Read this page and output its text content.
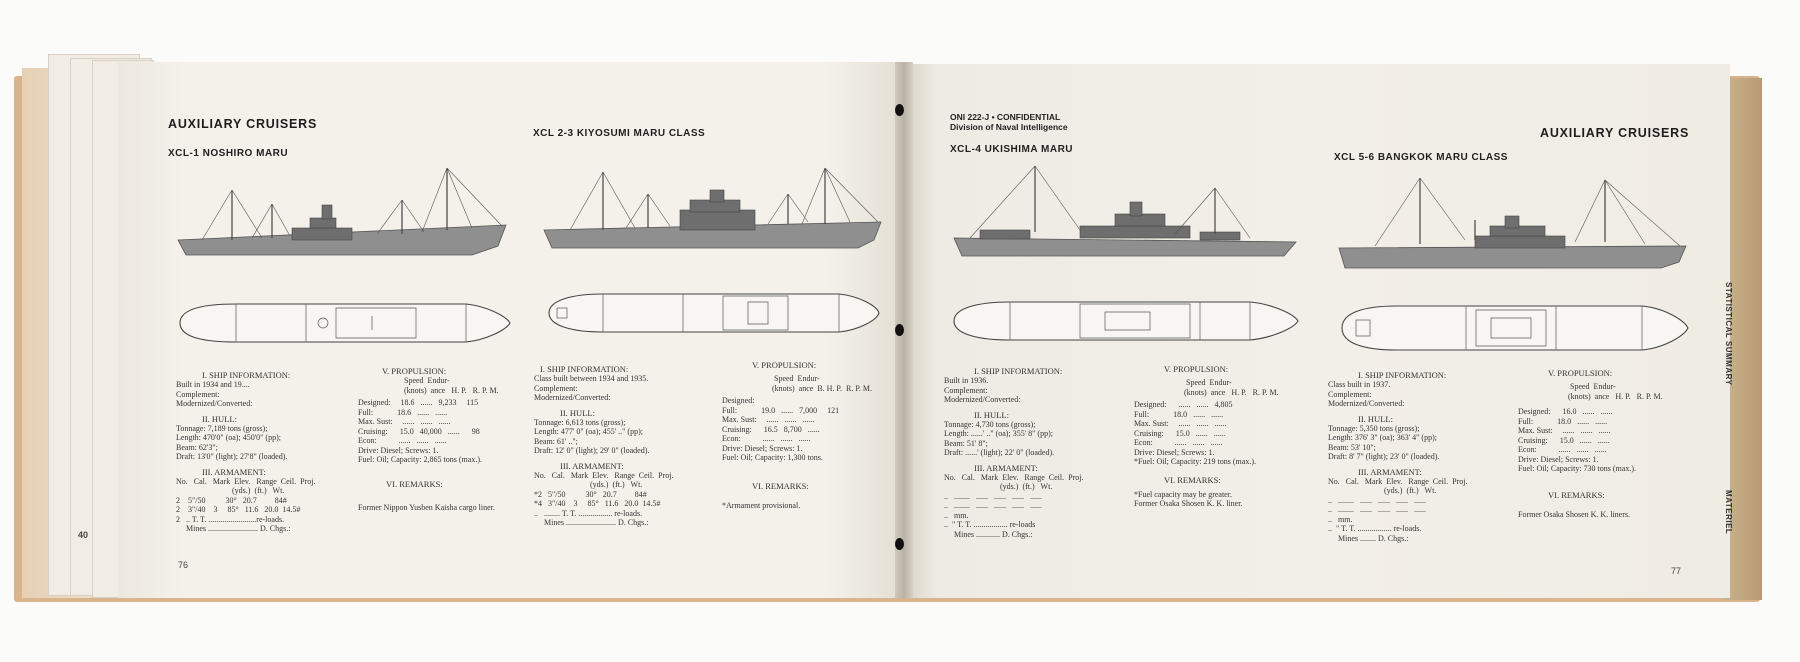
40
AUXILIARY CRUISERS
XCL-1 NOSHIRO MARU
XCL 2-3 KIYOSUMI MARU CLASS
I. SHIP INFORMATION:
Built in 1934 and 19....
Complement:
Modernized/Converted:
II. HULL:
Tonnage: 7,189 tons (gross);
Length: 470'0" (oa); 450'0" (pp);
Beam: 62'3";
Draft: 13'0" (light); 27'8" (loaded).
III. ARMAMENT:
No.   Cal.   Mark  Elev.   Range  Ceil.  Proj.
(yds.)  (ft.)   Wt.
2    5"/50          30°   20.7         84#
2    3"/40    3     85°   11.6   20.0  14.5#
2   .. T. T. ........................re-loads.
Mines ......................... D. Chgs.:
V. PROPULSION:
Speed  Endur-
(knots)  ance   H. P.   R. P. M.
Designed:     18.6   ......   9,233     115
Full:            18.6   ......   ......
Max. Sust:     ......   ......   ......
Cruising:      15.0   40,000   ......      98
Econ:           ......   ......   ......
Drive: Diesel; Screws: 1.
Fuel: Oil; Capacity: 2,865 tons (max.).
VI. REMARKS:
Former Nippon Yusben Kaisha cargo liner.
I. SHIP INFORMATION:
Class built between 1934 and 1935.
Complement:
Modernized/Converted:
II. HULL:
Tonnage: 6,613 tons (gross);
Length: 477' 0" (oa); 455' .." (pp);
Beam: 61' ..";
Draft: 12' 0" (light); 29' 0" (loaded).
III. ARMAMENT:
No.   Cal.   Mark  Elev.   Range  Ceil.  Proj.
(yds.)  (ft.)   Wt.
*2   5"/50          30°   20.7         84#
*4   3"/40    3     85°   11.6   20.0  14.5#
..   ........ T. T. ................. re-loads.
Mines ......................... D. Chgs.:
V. PROPULSION:
Speed  Endur-
(knots)  ance  B. H. P.  R. P. M.
Designed:
Full:            19.0   ......   7,000     121
Max. Sust:     ......   ......   ......
Cruising:      16.5   8,700   ......
Econ:           ......   ......   ......
Drive: Diesel; Screws: 1.
Fuel: Oil; Capacity: 1,300 tons.
VI. REMARKS:
*Armament provisional.
76
ONI 222-J • CONFIDENTIAL
Division of Naval Intelligence	AUXILIARY CRUISERS
XCL-4 UKISHIMA MARU
XCL 5-6 BANGKOK MARU CLASS
I. SHIP INFORMATION:
Built in 1936.
Complement:
Modernized/Converted:
II. HULL:
Tonnage: 4,730 tons (gross);
Length: ......' .." (oa); 355' 8" (pp);
Beam: 51' 8";
Draft: ......' (light); 22' 0" (loaded).
III. ARMAMENT:
No.   Cal.   Mark  Elev.   Range  Ceil.  Proj.
(yds.)  (ft.)   Wt.
..   ........   ......   ......   ......   ......
..   ........   ......   ......   ......   ......
..   mm.
..  " T. T. ................. re-loads
Mines ............ D. Chgs.:
V. PROPULSION:
Speed  Endur-
(knots)  ance   H. P.   R. P. M.
Designed:      ......   ......   4,805
Full:            18.0   ......   ......
Max. Sust:     ......   ......   ......
Cruising:      15.0   ......   ......
Econ:           ......   ......   ......
Drive: Diesel; Screws: 1.
*Fuel: Oil; Capacity: 219 tons (max.).
VI. REMARKS:
*Fuel capacity may be greater.
Former Osaka Shosen K. K. liner.
I. SHIP INFORMATION:
Class built in 1937.
Complement:
Modernized/Converted:
II. HULL:
Tonnage: 5,350 tons (gross);
Length: 376' 3" (oa); 363' 4" (pp);
Beam: 53' 10";
Draft: 8' 7" (light); 23' 0" (loaded).
III. ARMAMENT:
No.   Cal.   Mark  Elev.   Range  Ceil.  Proj.
(yds.)  (ft.)   Wt.
..   ........   ......   ......   ......   ......
..   ........   ......   ......   ......   ......
..   mm.
..  " T. T. ................. re-loads.
Mines ........ D. Chgs.:
V. PROPULSION:
Speed  Endur-
(knots)  ance   H. P.   R. P. M.
Designed:      16.0   ......   ......
Full:            18.0   ......   ......
Max. Sust:     ......   ......   ......
Cruising:      15.0   ......   ......
Econ:           ......   ......   ......
Drive: Diesel; Screws: 1.
Fuel: Oil; Capacity: 730 tons (max.).
VI. REMARKS:
Former Osaka Shosen K. K. liners.
77
STATISTICAL SUMMARY
MATERIEL
